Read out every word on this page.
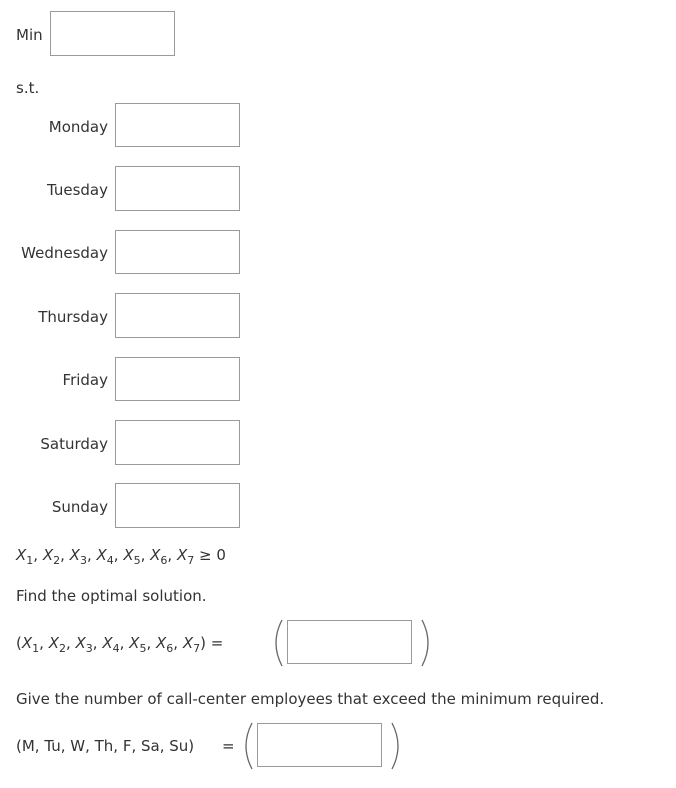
Min
s.t.
Monday
Tuesday
Wednesday
Thursday
Friday
Saturday
Sunday
$X_1$, $X_2$, $X_3$, $X_4$, $X_5$, $X_6$, $X_7 \ge 0$
Find the optimal solution.
($X_1$, $X_2$, $X_3$, $X_4$, $X_5$, $X_6$, $X_7$) =
Give the number of call-center employees that exceed the minimum required.
(M, Tu, W, Th, F, Sa, Su) =
